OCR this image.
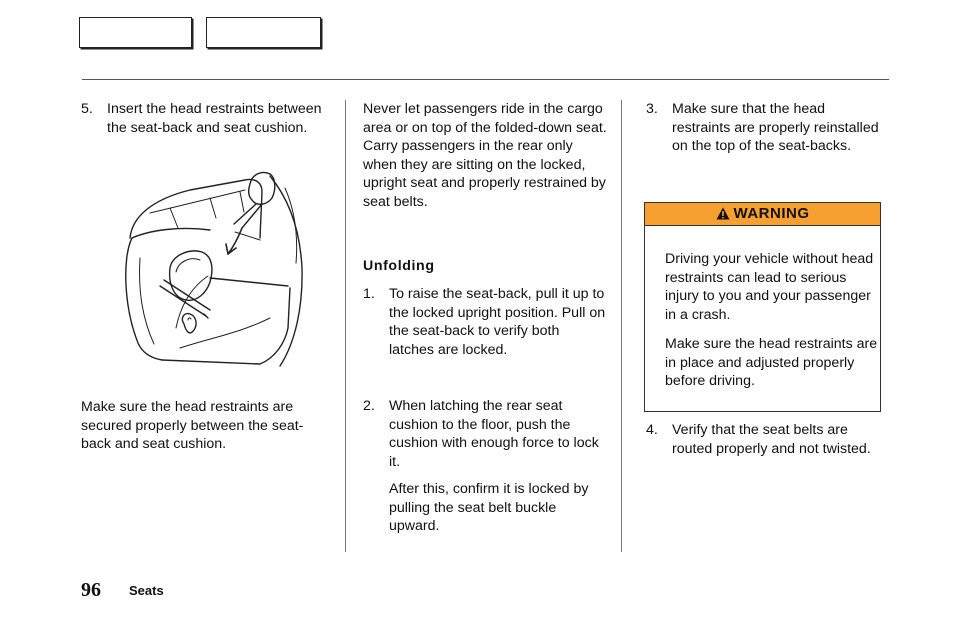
5. Insert the head restraints between the seat-back and seat cushion.
Make sure the head restraints are secured properly between the seat-back and seat cushion.
Never let passengers ride in the cargo area or on top of the folded-down seat. Carry passengers in the rear only when they are sitting on the locked, upright seat and properly restrained by seat belts.
Unfolding
1. To raise the seat-back, pull it up to the locked upright position. Pull on the seat-back to verify both latches are locked.
2. When latching the rear seat cushion to the floor, push the cushion with enough force to lock it.
After this, confirm it is locked by pulling the seat belt buckle upward.
3. Make sure that the head restraints are properly reinstalled on the top of the seat-backs.
WARNING

Driving your vehicle without head restraints can lead to serious injury to you and your passenger in a crash.

Make sure the head restraints are in place and adjusted properly before driving.

4. Verify that the seat belts are routed properly and not twisted.
96 Seats
